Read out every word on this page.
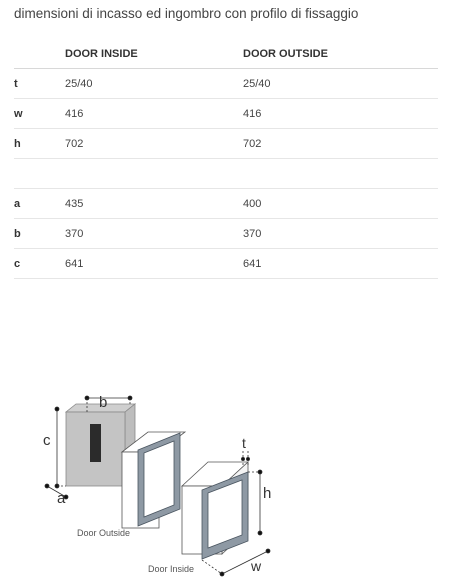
dimensioni di incasso ed ingombro con profilo di fissaggio
	DOOR INSIDE	DOOR OUTSIDE
t	25/40	25/40
w	416	416
h	702	702

a	435	400
b	370	370
c	641	641
b
c
a
Door Outside
Door Inside
t
h
w
